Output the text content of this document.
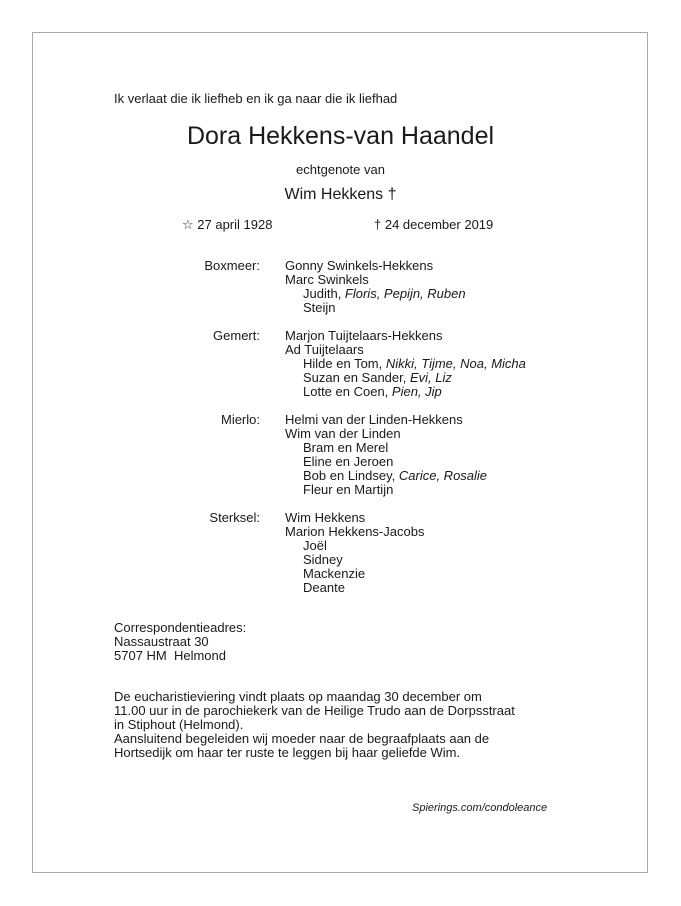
Ik verlaat die ik liefheb en ik ga naar die ik liefhad
Dora Hekkens-van Haandel
echtgenote van
Wim Hekkens †
☆ 27 april 1928	† 24 december 2019
Boxmeer: Gonny Swinkels-Hekkens
Marc Swinkels
Judith, Floris, Pepijn, Ruben
Steijn
Gemert: Marjon Tuijtelaars-Hekkens
Ad Tuijtelaars
Hilde en Tom, Nikki, Tijme, Noa, Micha
Suzan en Sander, Evi, Liz
Lotte en Coen, Pien, Jip
Mierlo: Helmi van der Linden-Hekkens
Wim van der Linden
Bram en Merel
Eline en Jeroen
Bob en Lindsey, Carice, Rosalie
Fleur en Martijn
Sterksel: Wim Hekkens
Marion Hekkens-Jacobs
Joël
Sidney
Mackenzie
Deante
Correspondentieadres:
Nassaustraat 30
5707 HM  Helmond

De eucharistieviering vindt plaats op maandag 30 december om

11.00 uur in de parochiekerk van de Heilige Trudo aan de Dorpsstraat

in Stiphout (Helmond).

Aansluitend begeleiden wij moeder naar de begraafplaats aan de

Hortsedijk om haar ter ruste te leggen bij haar geliefde Wim.

Spierings.com/condoleance
